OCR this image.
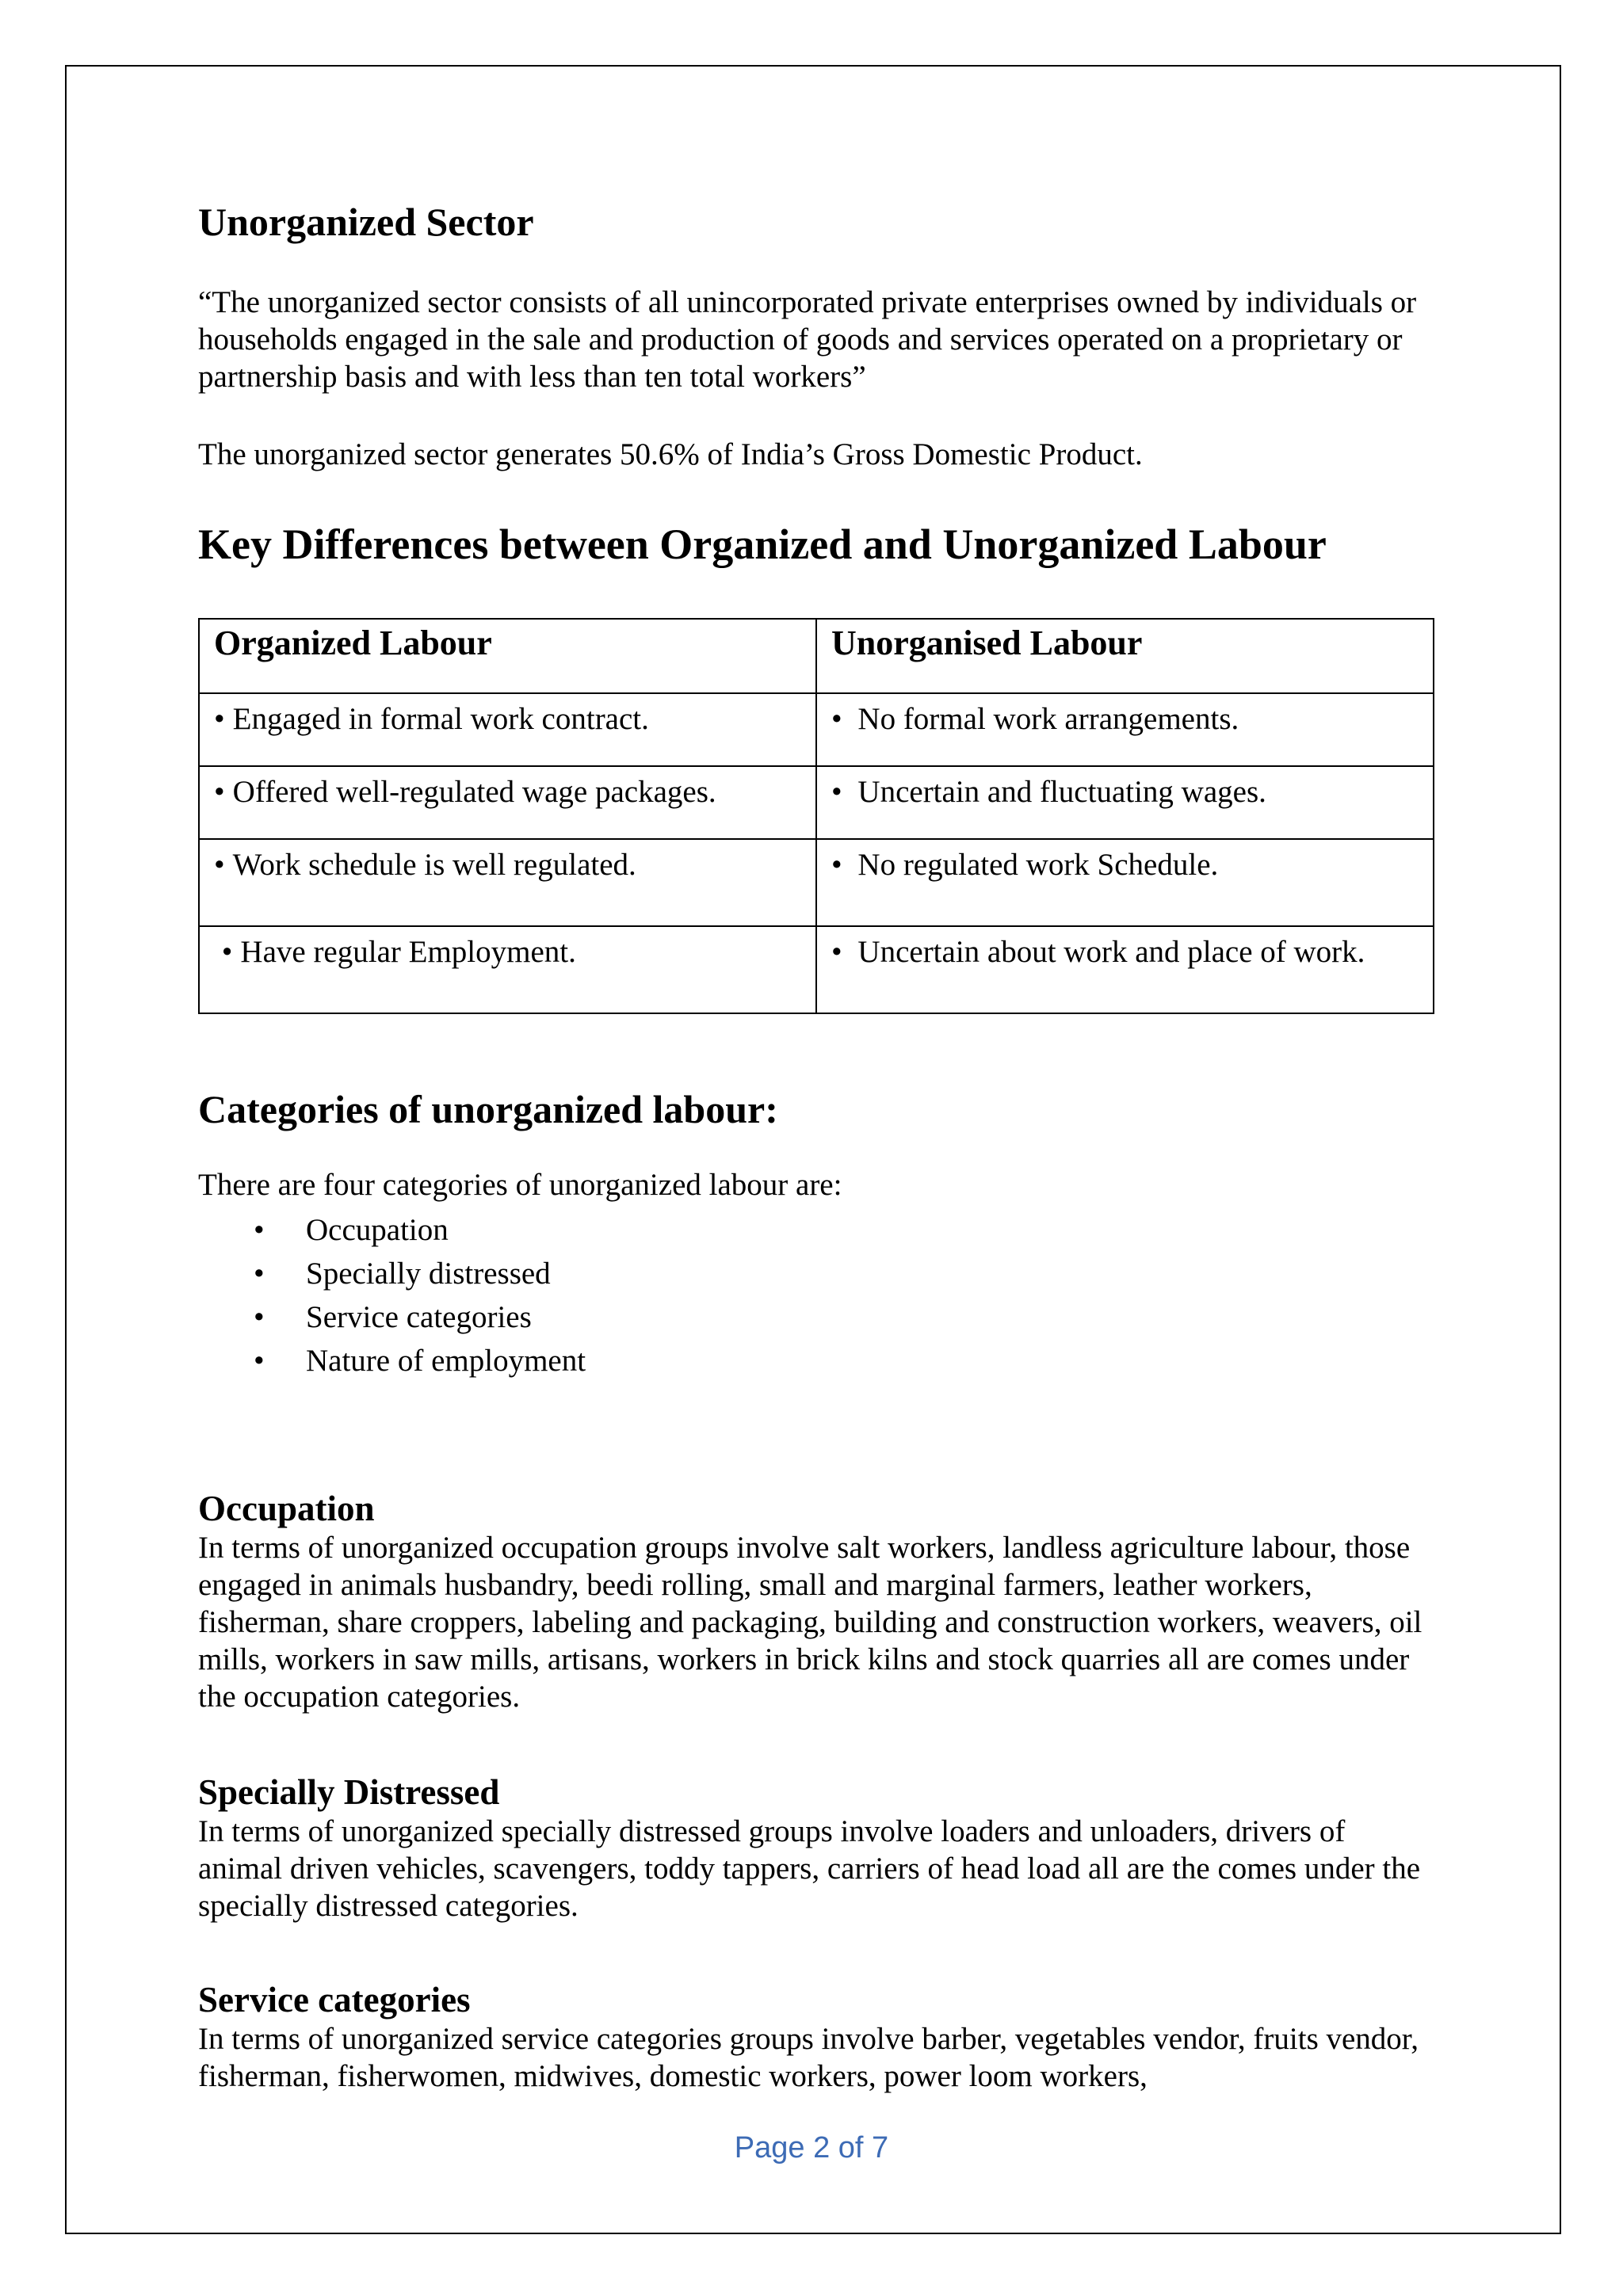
Unorganized Sector

“The unorganized sector consists of all unincorporated private enterprises owned by individuals or households engaged in the sale and production of goods and services operated on a proprietary or partnership basis and with less than ten total workers”

The unorganized sector generates 50.6% of India’s Gross Domestic Product.

Key Differences between Organized and Unorganized Labour
Organized Labour	Unorganised Labour
• Engaged in formal work contract.	• No formal work arrangements.
• Offered well-regulated wage packages.	• Uncertain and fluctuating wages.
• Work schedule is well regulated.	• No regulated work Schedule.
• Have regular Employment.	• Uncertain about work and place of work.
Categories of unorganized labour:

There are four categories of unorganized labour are:

• Occupation
• Specially distressed
• Service categories
• Nature of employment
Occupation

In terms of unorganized occupation groups involve salt workers, landless agriculture labour, those engaged in animals husbandry, beedi rolling, small and marginal farmers, leather workers, fisherman, share croppers, labeling and packaging, building and construction workers, weavers, oil mills, workers in saw mills, artisans, workers in brick kilns and stock quarries all are comes under the occupation categories.

Specially Distressed

In terms of unorganized specially distressed groups involve loaders and unloaders, drivers of animal driven vehicles, scavengers, toddy tappers, carriers of head load all are the comes under the specially distressed categories.

Service categories

In terms of unorganized service categories groups involve barber, vegetables vendor, fruits vendor, fisherman, fisherwomen, midwives, domestic workers, power loom workers,

Page 2 of 7
